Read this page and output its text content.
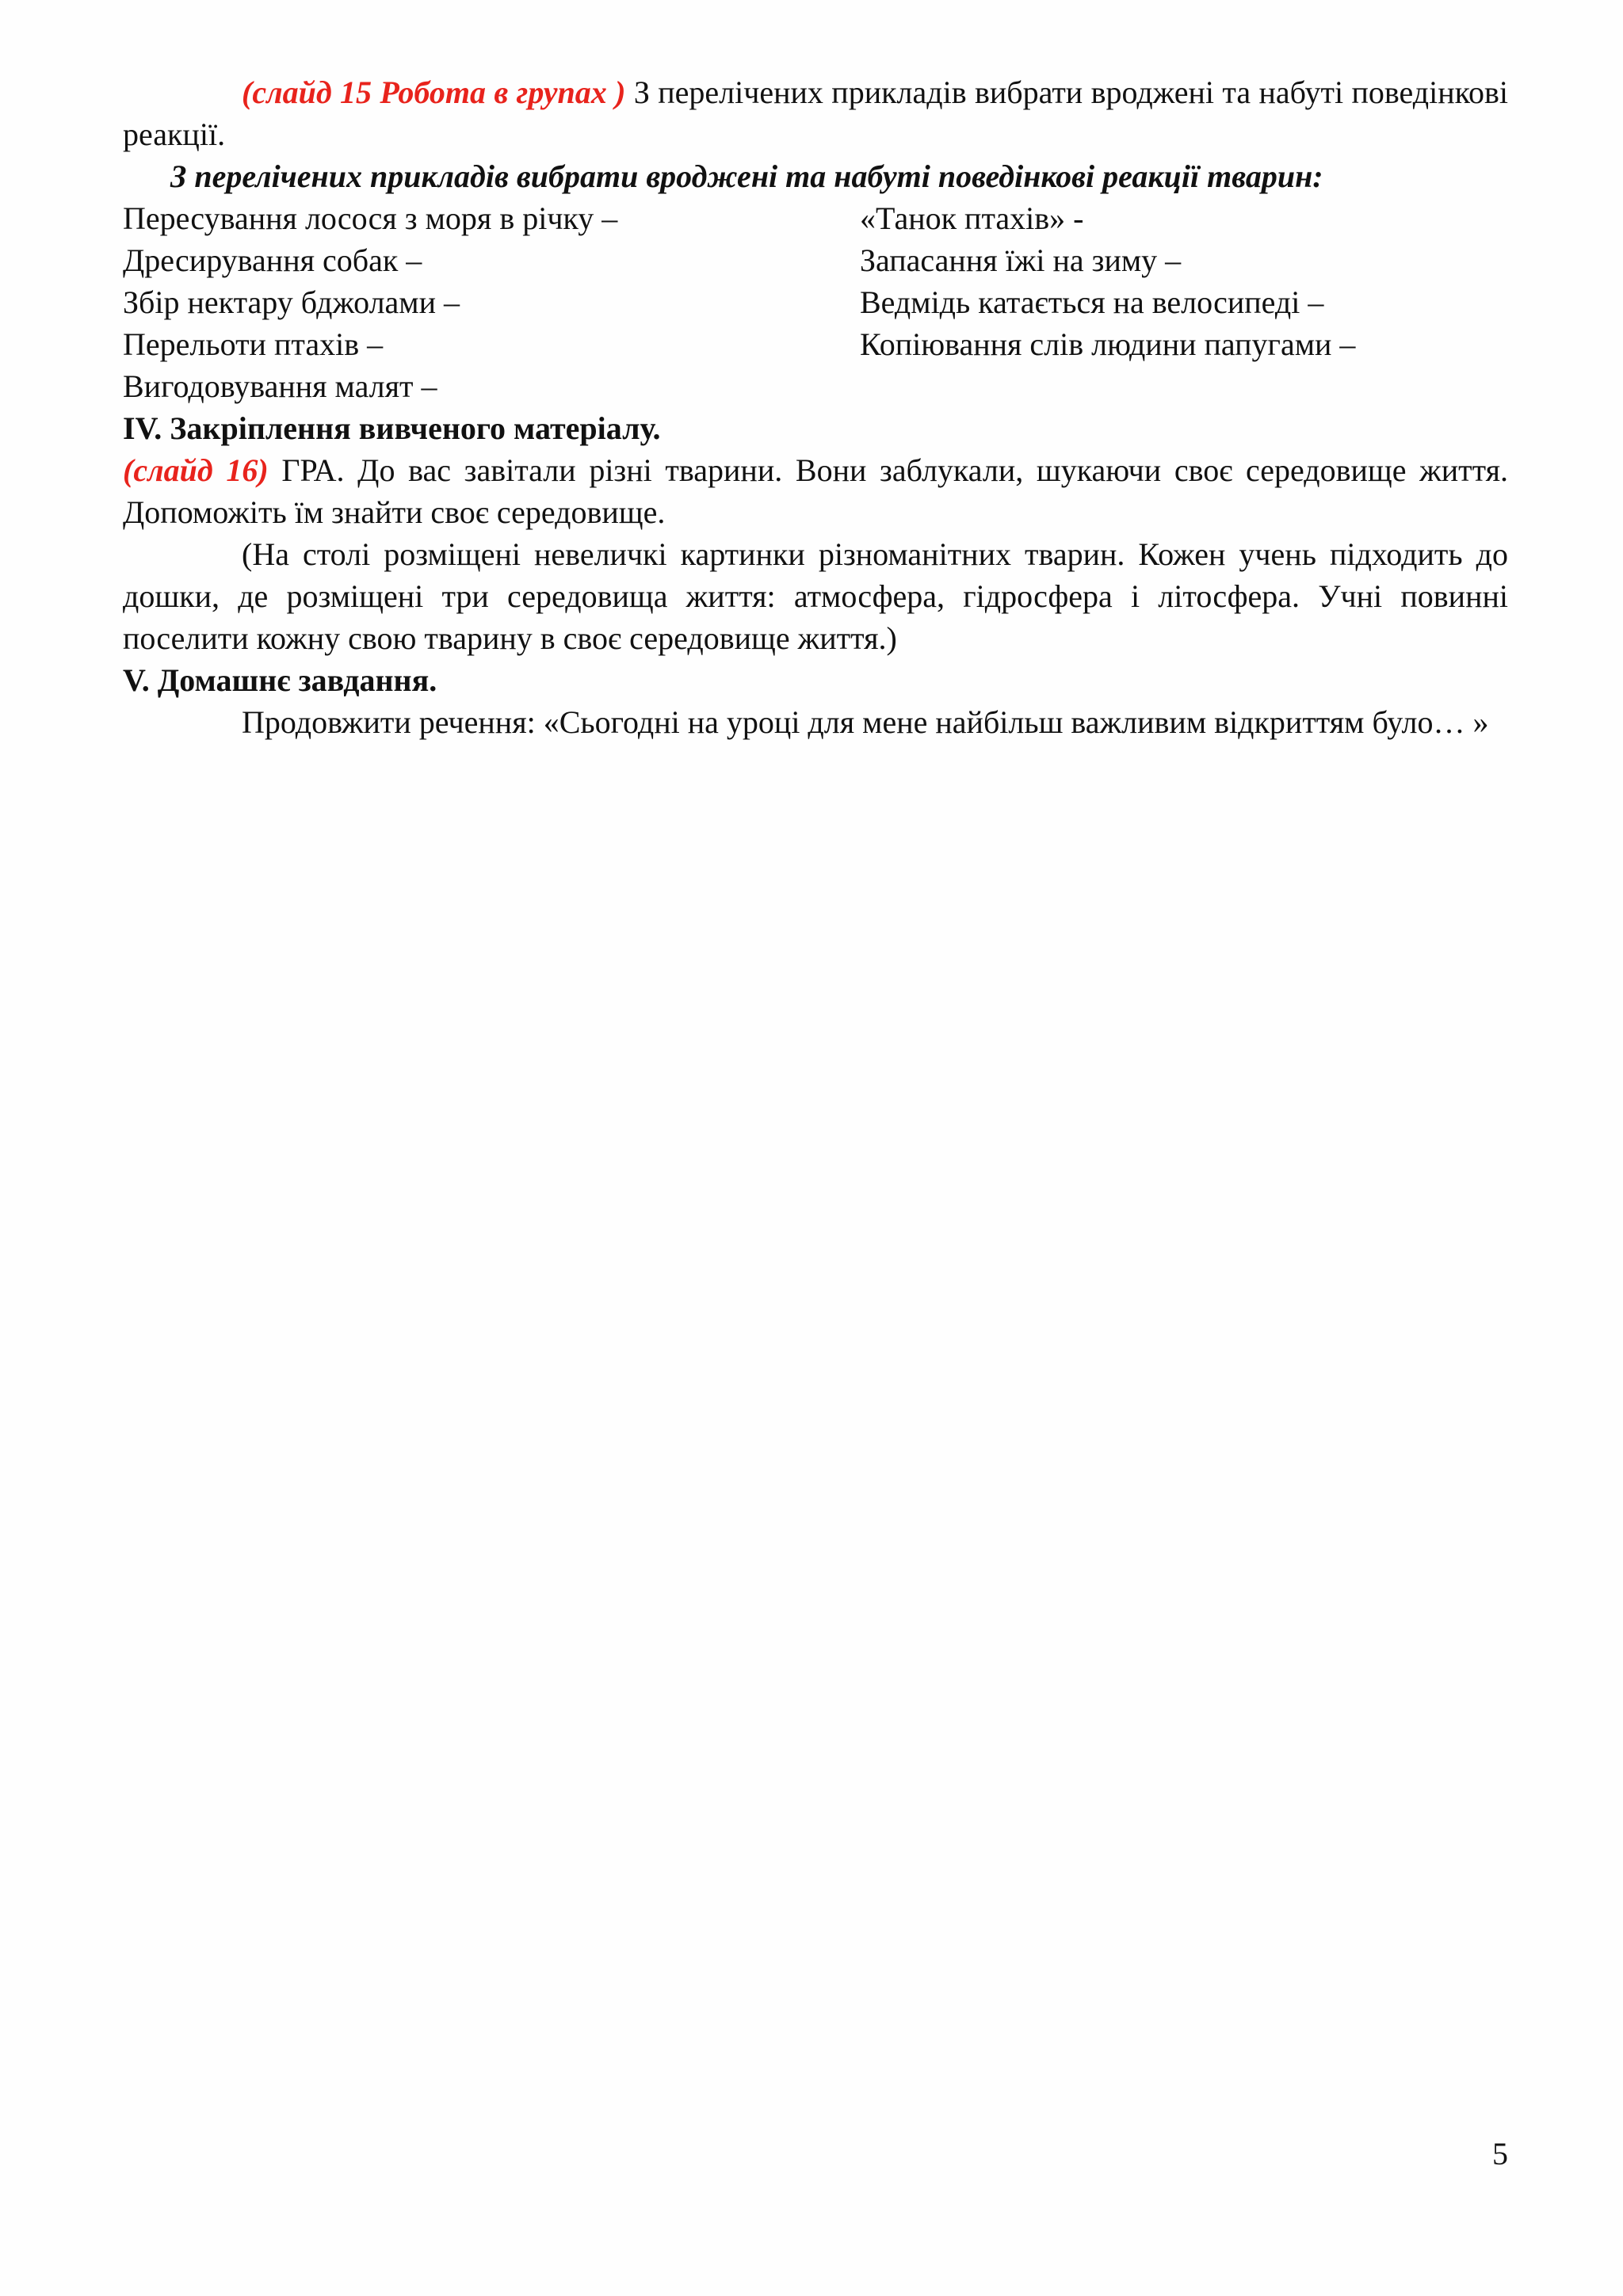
(слайд 15 Робота в групах ) З перелічених прикладів вибрати вроджені та набуті поведінкові реакції.

З перелічених прикладів вибрати вроджені та набуті поведінкові реакції тварин:

Пересування лосося з моря в річку –	«Танок птахів» -
Дресирування собак –	Запасання їжі на зиму –
Збір нектару бджолами –	Ведмідь катається на велосипеді –
Перельоти птахів –	Копіювання слів людини папугами –
Вигодовування малят –

IV. Закріплення вивченого матеріалу.

(слайд 16) ГРА. До вас завітали різні тварини. Вони заблукали, шукаючи своє середовище життя. Допоможіть їм знайти своє середовище.

(На столі розміщені невеличкі картинки різноманітних тварин. Кожен учень підходить до дошки, де розміщені три середовища життя: атмосфера, гідросфера і літосфера. Учні повинні поселити кожну свою тварину в своє середовище життя.)

V. Домашнє завдання.

Продовжити речення: «Сьогодні на уроці для мене найбільш важливим відкриттям було… »

5
